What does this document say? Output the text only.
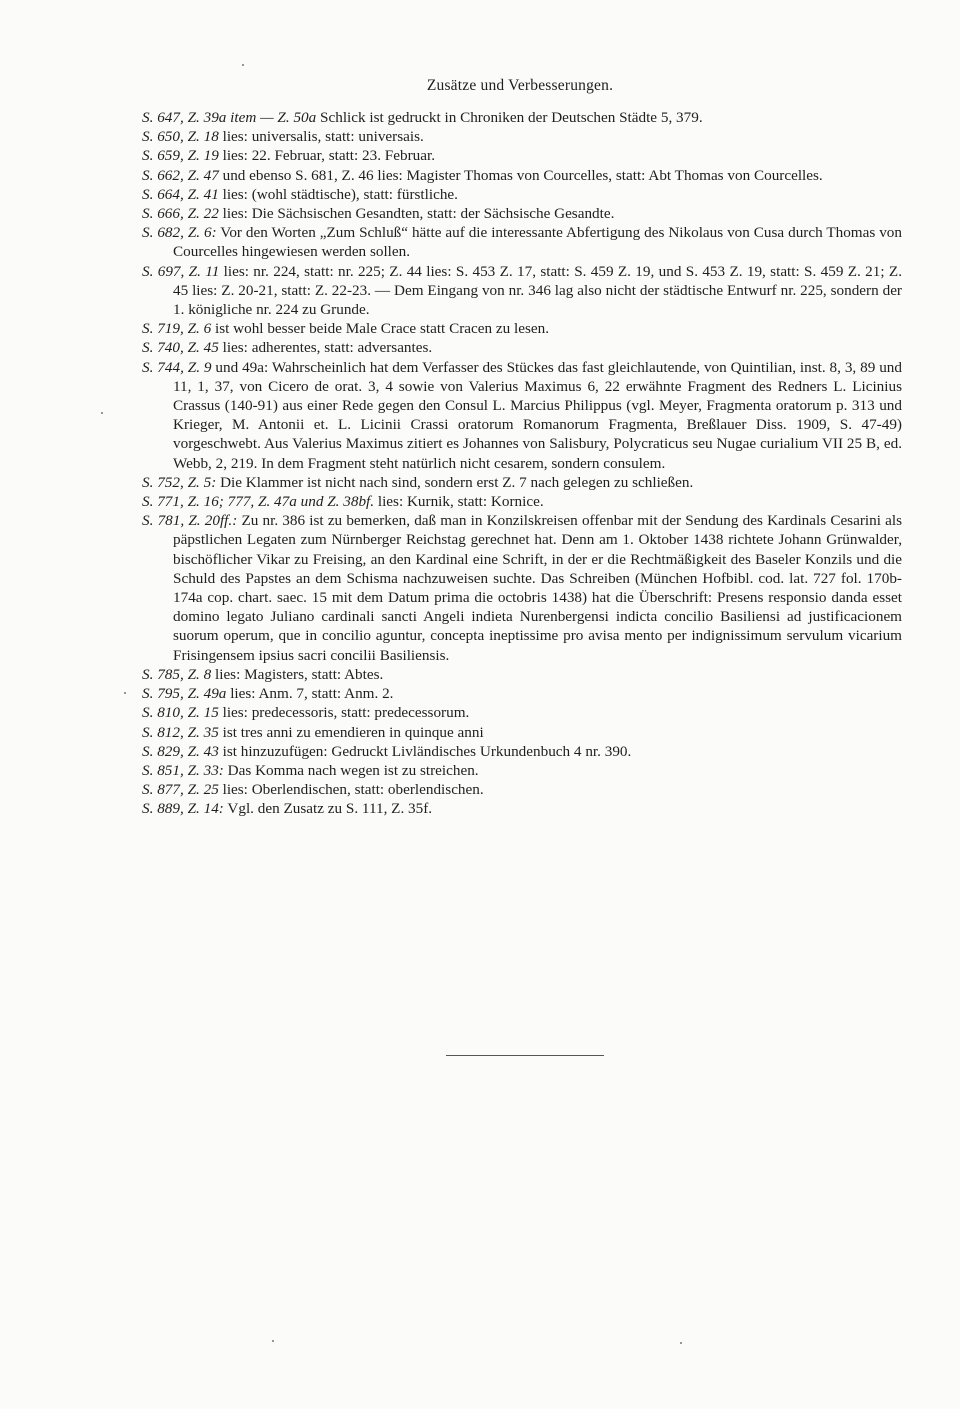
Zusätze und Verbesserungen.

S. 647, Z. 39a item — Z. 50a Schlick ist gedruckt in Chroniken der Deutschen Städte 5, 379.

S. 650, Z. 18 lies: universalis, statt: universais.

S. 659, Z. 19 lies: 22. Februar, statt: 23. Februar.

S. 662, Z. 47 und ebenso S. 681, Z. 46 lies: Magister Thomas von Courcelles, statt: Abt Thomas von Courcelles.

S. 664, Z. 41 lies: (wohl städtische), statt: fürstliche.

S. 666, Z. 22 lies: Die Sächsischen Gesandten, statt: der Sächsische Gesandte.

S. 682, Z. 6: Vor den Worten „Zum Schluß“ hätte auf die interessante Abfertigung des Nikolaus von Cusa durch Thomas von Courcelles hingewiesen werden sollen.

S. 697, Z. 11 lies: nr. 224, statt: nr. 225; Z. 44 lies: S. 453 Z. 17, statt: S. 459 Z. 19, und S. 453 Z. 19, statt: S. 459 Z. 21; Z. 45 lies: Z. 20-21, statt: Z. 22-23. — Dem Eingang von nr. 346 lag also nicht der städtische Entwurf nr. 225, sondern der 1. königliche nr. 224 zu Grunde.

S. 719, Z. 6 ist wohl besser beide Male Crace statt Cracen zu lesen.

S. 740, Z. 45 lies: adherentes, statt: adversantes.

S. 744, Z. 9 und 49a: Wahrscheinlich hat dem Verfasser des Stückes das fast gleichlautende, von Quintilian, inst. 8, 3, 89 und 11, 1, 37, von Cicero de orat. 3, 4 sowie von Valerius Maximus 6, 22 erwähnte Fragment des Redners L. Licinius Crassus (140-91) aus einer Rede gegen den Consul L. Marcius Philippus (vgl. Meyer, Fragmenta oratorum p. 313 und Krieger, M. Antonii et. L. Licinii Crassi oratorum Romanorum Fragmenta, Breßlauer Diss. 1909, S. 47-49) vorgeschwebt. Aus Valerius Maximus zitiert es Johannes von Salisbury, Polycraticus seu Nugae curialium VII 25 B, ed. Webb, 2, 219. In dem Fragment steht natürlich nicht cesarem, sondern consulem.

S. 752, Z. 5: Die Klammer ist nicht nach sind, sondern erst Z. 7 nach gelegen zu schließen.

S. 771, Z. 16; 777, Z. 47a und Z. 38bf. lies: Kurnik, statt: Kornice.

S. 781, Z. 20ff.: Zu nr. 386 ist zu bemerken, daß man in Konzilskreisen offenbar mit der Sendung des Kardinals Cesarini als päpstlichen Legaten zum Nürnberger Reichstag gerechnet hat. Denn am 1. Oktober 1438 richtete Johann Grünwalder, bischöflicher Vikar zu Freising, an den Kardinal eine Schrift, in der er die Rechtmäßigkeit des Baseler Konzils und die Schuld des Papstes an dem Schisma nachzuweisen suchte. Das Schreiben (München Hofbibl. cod. lat. 727 fol. 170b-174a cop. chart. saec. 15 mit dem Datum prima die octobris 1438) hat die Überschrift: Presens responsio danda esset domino legato Juliano cardinali sancti Angeli indieta Nurenbergensi indicta concilio Basiliensi ad justificacionem suorum operum, que in concilio aguntur, concepta ineptissime pro avisa mento per indignissimum servulum vicarium Frisingensem ipsius sacri concilii Basiliensis.

S. 785, Z. 8 lies: Magisters, statt: Abtes.

S. 795, Z. 49a lies: Anm. 7, statt: Anm. 2.

S. 810, Z. 15 lies: predecessoris, statt: predecessorum.

S. 812, Z. 35 ist tres anni zu emendieren in quinque anni

S. 829, Z. 43 ist hinzuzufügen: Gedruckt Livländisches Urkundenbuch 4 nr. 390.

S. 851, Z. 33: Das Komma nach wegen ist zu streichen.

S. 877, Z. 25 lies: Oberlendischen, statt: oberlendischen.

S. 889, Z. 14: Vgl. den Zusatz zu S. 111, Z. 35f.
